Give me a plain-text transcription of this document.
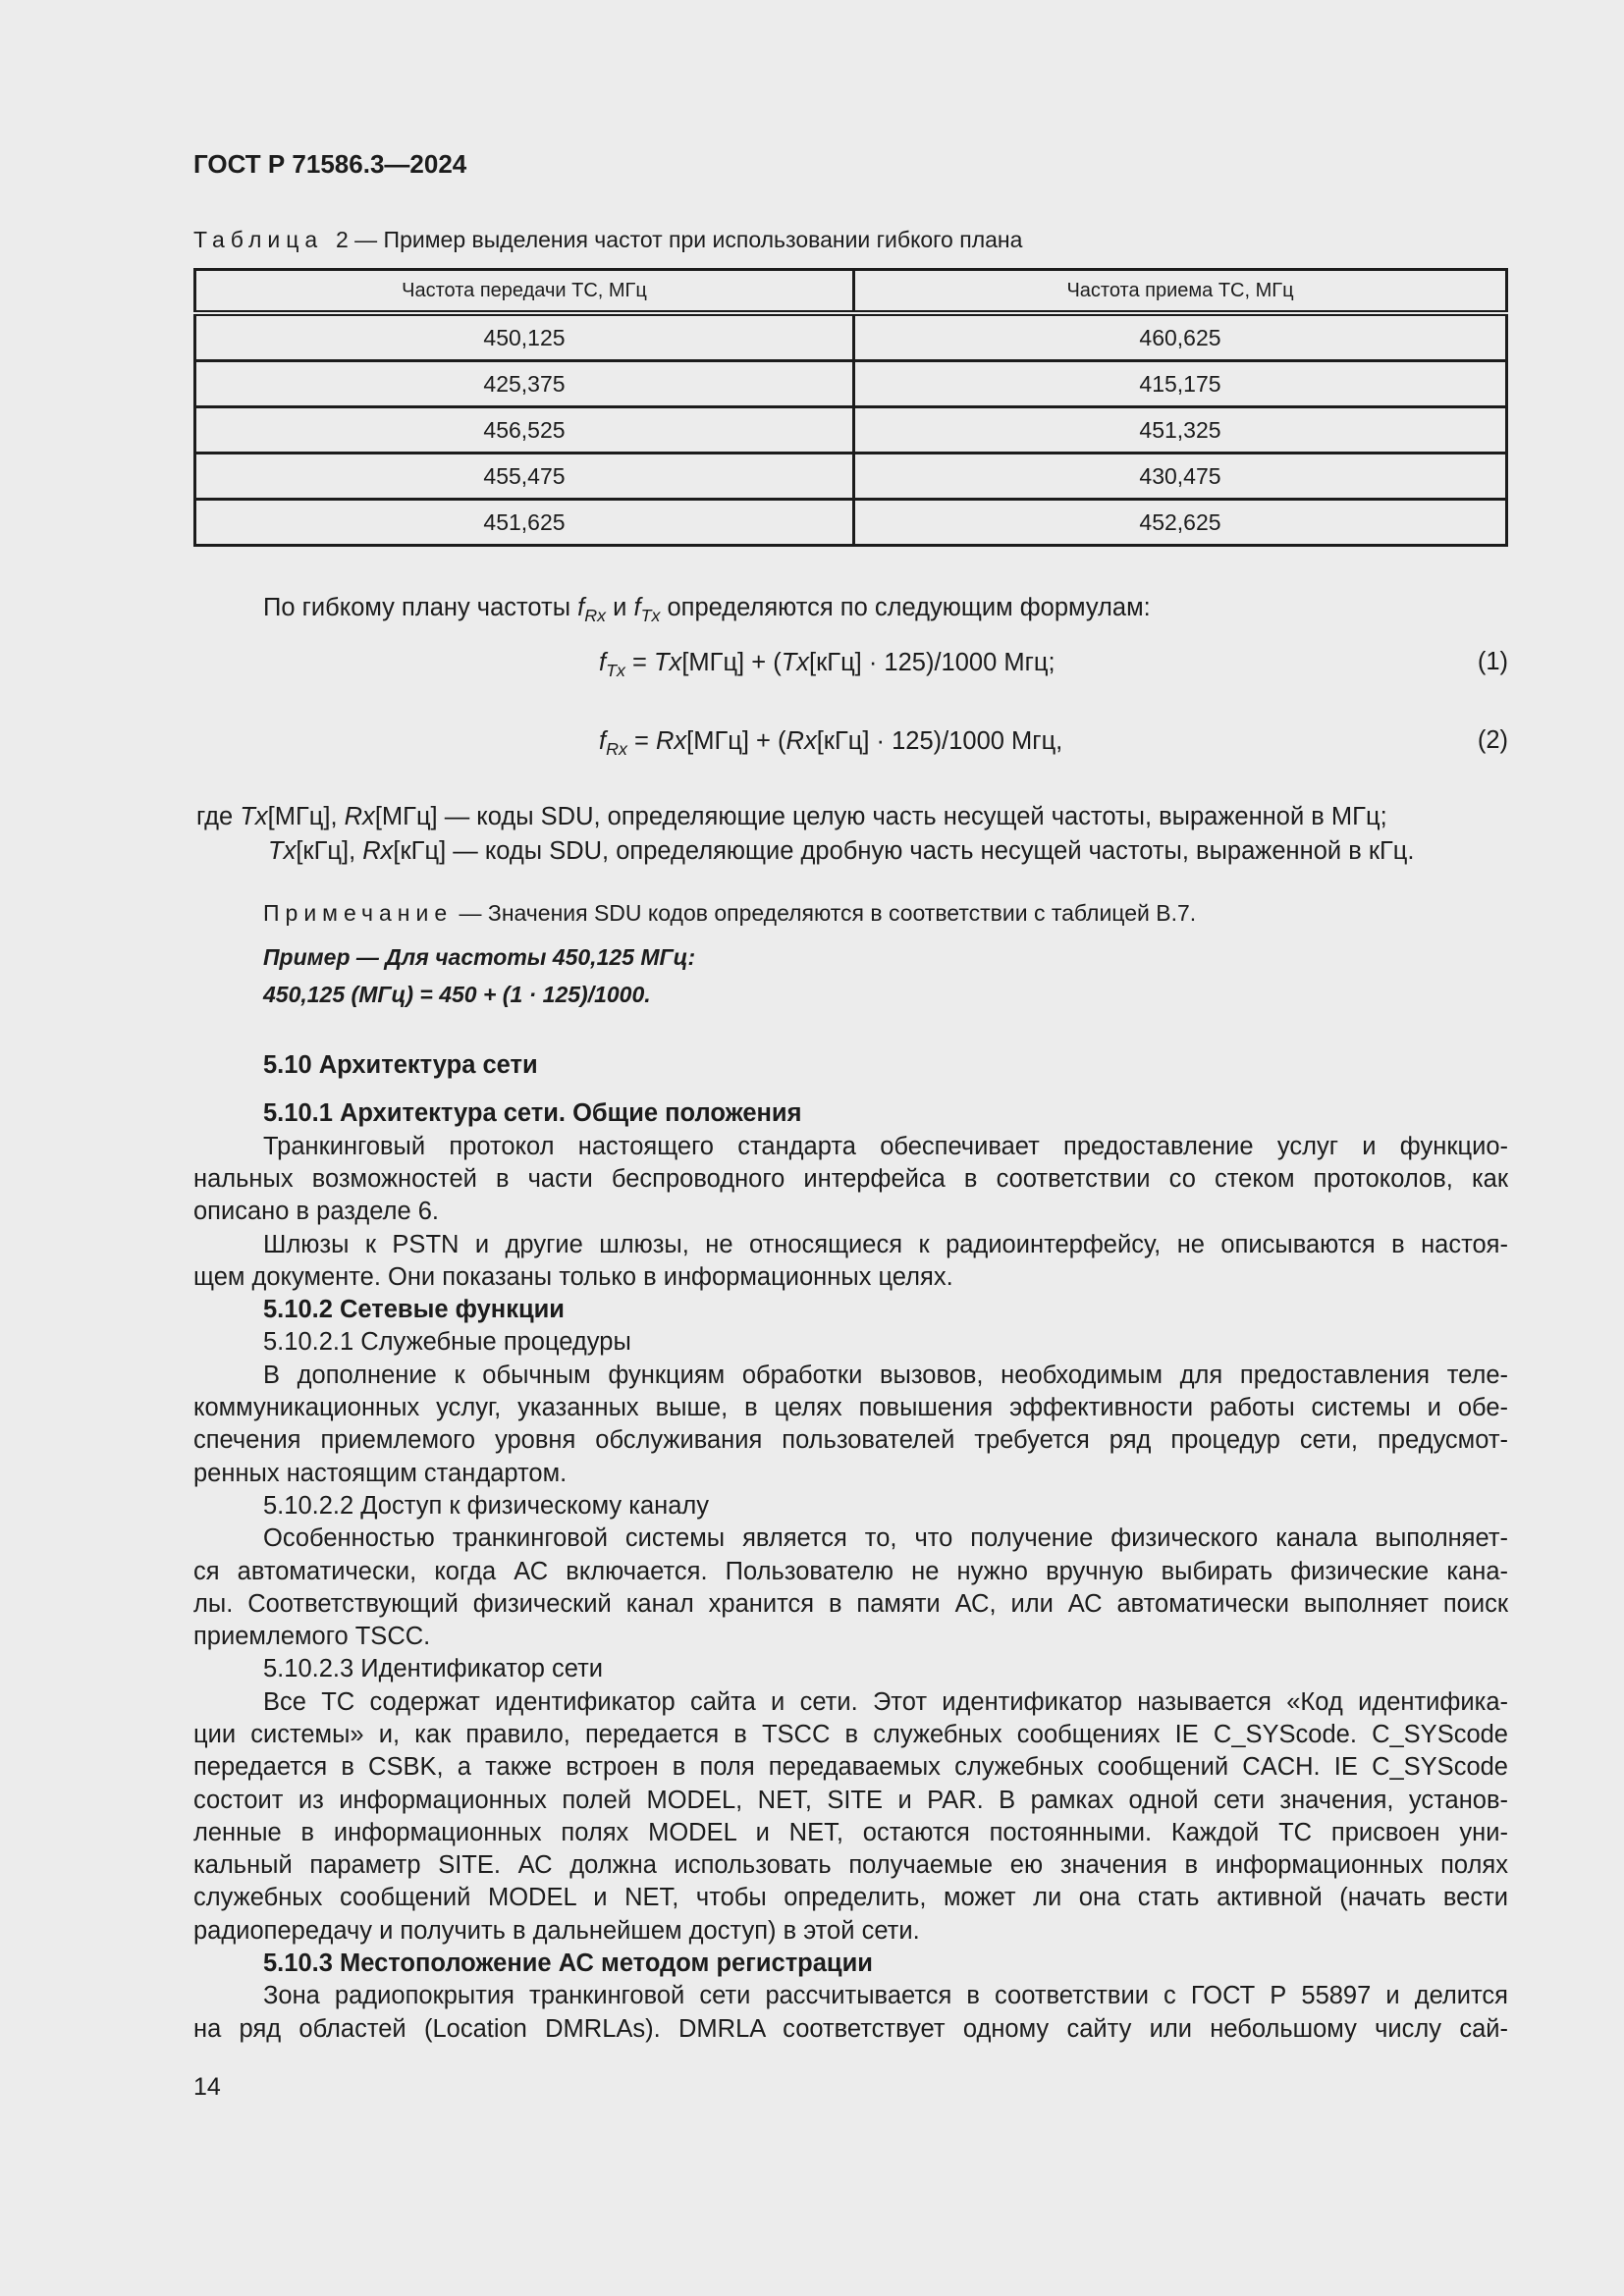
ГОСТ Р 71586.3—2024
Таблица 2 — Пример выделения частот при использовании гибкого плана
Частота передачи ТС, МГц	Частота приема ТС, МГц
450,125	460,625
425,375	415,175
456,525	451,325
455,475	430,475
451,625	452,625
По гибкому плану частоты $f_{Rx}$ и $f_{Tx}$ определяются по следующим формулам:
$f_{Tx} = Tx[МГц] + (Tx[кГц] \cdot 125)/1000$ Мгц;	(1)
$f_{Rx} = Rx[МГц] + (Rx[кГц] \cdot 125)/1000$ Мгц,	(2)
где Tx[МГц], Rx[МГц] — коды SDU, определяющие целую часть несущей частоты, выраженной в МГц;
Tx[кГц], Rx[кГц] — коды SDU, определяющие дробную часть несущей частоты, выраженной в кГц.
Примечание — Значения SDU кодов определяются в соответствии с таблицей В.7.
Пример — Для частоты 450,125 МГц:
450,125 (МГц) = 450 + (1 · 125)/1000.
5.10 Архитектура сети
5.10.1 Архитектура сети. Общие положения
Транкинговый протокол настоящего стандарта обеспечивает предоставление услуг и функцио-
нальных возможностей в части беспроводного интерфейса в соответствии со стеком протоколов, как
описано в разделе 6.
Шлюзы к PSTN и другие шлюзы, не относящиеся к радиоинтерфейсу, не описываются в настоя-
щем документе. Они показаны только в информационных целях.
5.10.2 Сетевые функции
5.10.2.1 Служебные процедуры
В дополнение к обычным функциям обработки вызовов, необходимым для предоставления теле-
коммуникационных услуг, указанных выше, в целях повышения эффективности работы системы и обе-
спечения приемлемого уровня обслуживания пользователей требуется ряд процедур сети, предусмот-
ренных настоящим стандартом.
5.10.2.2 Доступ к физическому каналу
Особенностью транкинговой системы является то, что получение физического канала выполняет-
ся автоматически, когда АС включается. Пользователю не нужно вручную выбирать физические кана-
лы. Соответствующий физический канал хранится в памяти АС, или АС автоматически выполняет поиск
приемлемого TSCC.
5.10.2.3 Идентификатор сети
Все ТС содержат идентификатор сайта и сети. Этот идентификатор называется «Код идентифика-
ции системы» и, как правило, передается в TSCC в служебных сообщениях IE C_SYScode. C_SYScode
передается в CSBK, а также встроен в поля передаваемых служебных сообщений CACH. IE C_SYScode
состоит из информационных полей MODEL, NET, SITE и PAR. В рамках одной сети значения, установ-
ленные в информационных полях MODEL и NET, остаются постоянными. Каждой ТС присвоен уни-
кальный параметр SITE. АС должна использовать получаемые ею значения в информационных полях
служебных сообщений MODEL и NET, чтобы определить, может ли она стать активной (начать вести
радиопередачу и получить в дальнейшем доступ) в этой сети.
5.10.3 Местоположение АС методом регистрации
Зона радиопокрытия транкинговой сети рассчитывается в соответствии с ГОСТ Р 55897 и делится
на ряд областей (Location DMRLAs). DMRLA соответствует одному сайту или небольшому числу сай-
14
